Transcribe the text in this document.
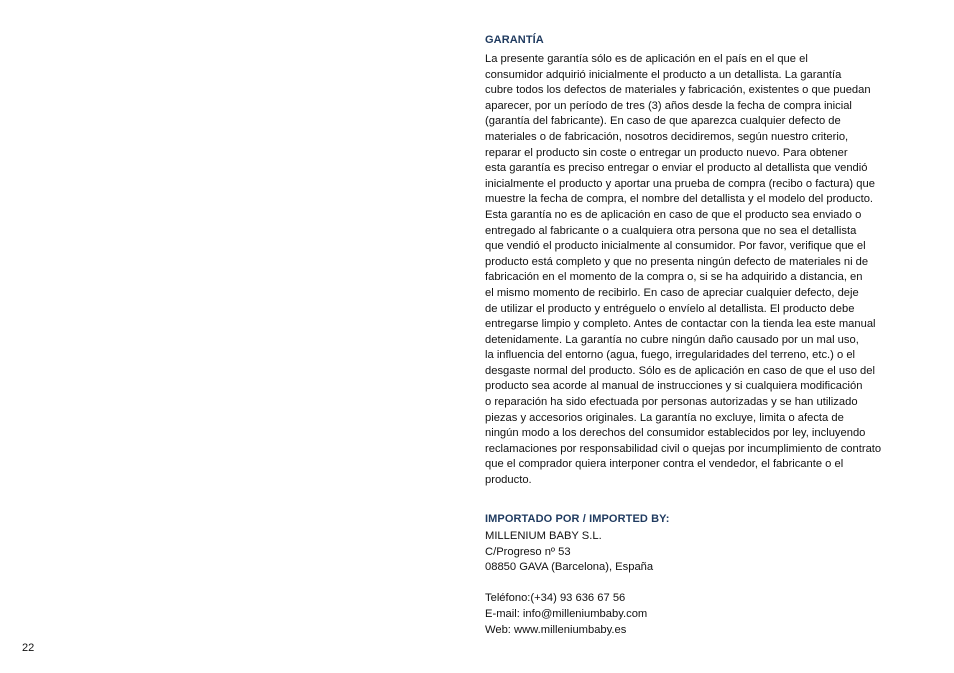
GARANTÍA
La presente garantía sólo es de aplicación en el país en el que el
consumidor adquirió inicialmente el producto a un detallista. La garantía
cubre todos los defectos de materiales y fabricación, existentes o que puedan
aparecer, por un período de tres (3) años desde la fecha de compra inicial
(garantía del fabricante). En caso de que aparezca cualquier defecto de
materiales o de fabricación, nosotros decidiremos, según nuestro criterio,
reparar el producto sin coste o entregar un producto nuevo. Para obtener
esta garantía es preciso entregar o enviar el producto al detallista que vendió
inicialmente el producto y aportar una prueba de compra (recibo o factura) que
muestre la fecha de compra, el nombre del detallista y el modelo del producto.
Esta garantía no es de aplicación en caso de que el producto sea enviado o
entregado al fabricante o a cualquiera otra persona que no sea el detallista
que vendió el producto inicialmente al consumidor. Por favor, verifique que el
producto está completo y que no presenta ningún defecto de materiales ni de
fabricación en el momento de la compra o, si se ha adquirido a distancia, en
el mismo momento de recibirlo. En caso de apreciar cualquier defecto, deje
de utilizar el producto y entréguelo o envíelo al detallista. El producto debe
entregarse limpio y completo. Antes de contactar con la tienda lea este manual
detenidamente. La garantía no cubre ningún daño causado por un mal uso,
la influencia del entorno (agua, fuego, irregularidades del terreno, etc.) o el
desgaste normal del producto. Sólo es de aplicación en caso de que el uso del
producto sea acorde al manual de instrucciones y si cualquiera modificación
o reparación ha sido efectuada por personas autorizadas y se han utilizado
piezas y accesorios originales. La garantía no excluye, limita o afecta de
ningún modo a los derechos del consumidor establecidos por ley, incluyendo
reclamaciones por responsabilidad civil o quejas por incumplimiento de contrato
que el comprador quiera interponer contra el vendedor, el fabricante o el
producto.
IMPORTADO POR / IMPORTED BY:
MILLENIUM BABY S.L.
C/Progreso nº 53
08850 GAVA (Barcelona), España
Teléfono:(+34) 93 636 67 56
E-mail: info@milleniumbaby.com
Web: www.milleniumbaby.es
22
